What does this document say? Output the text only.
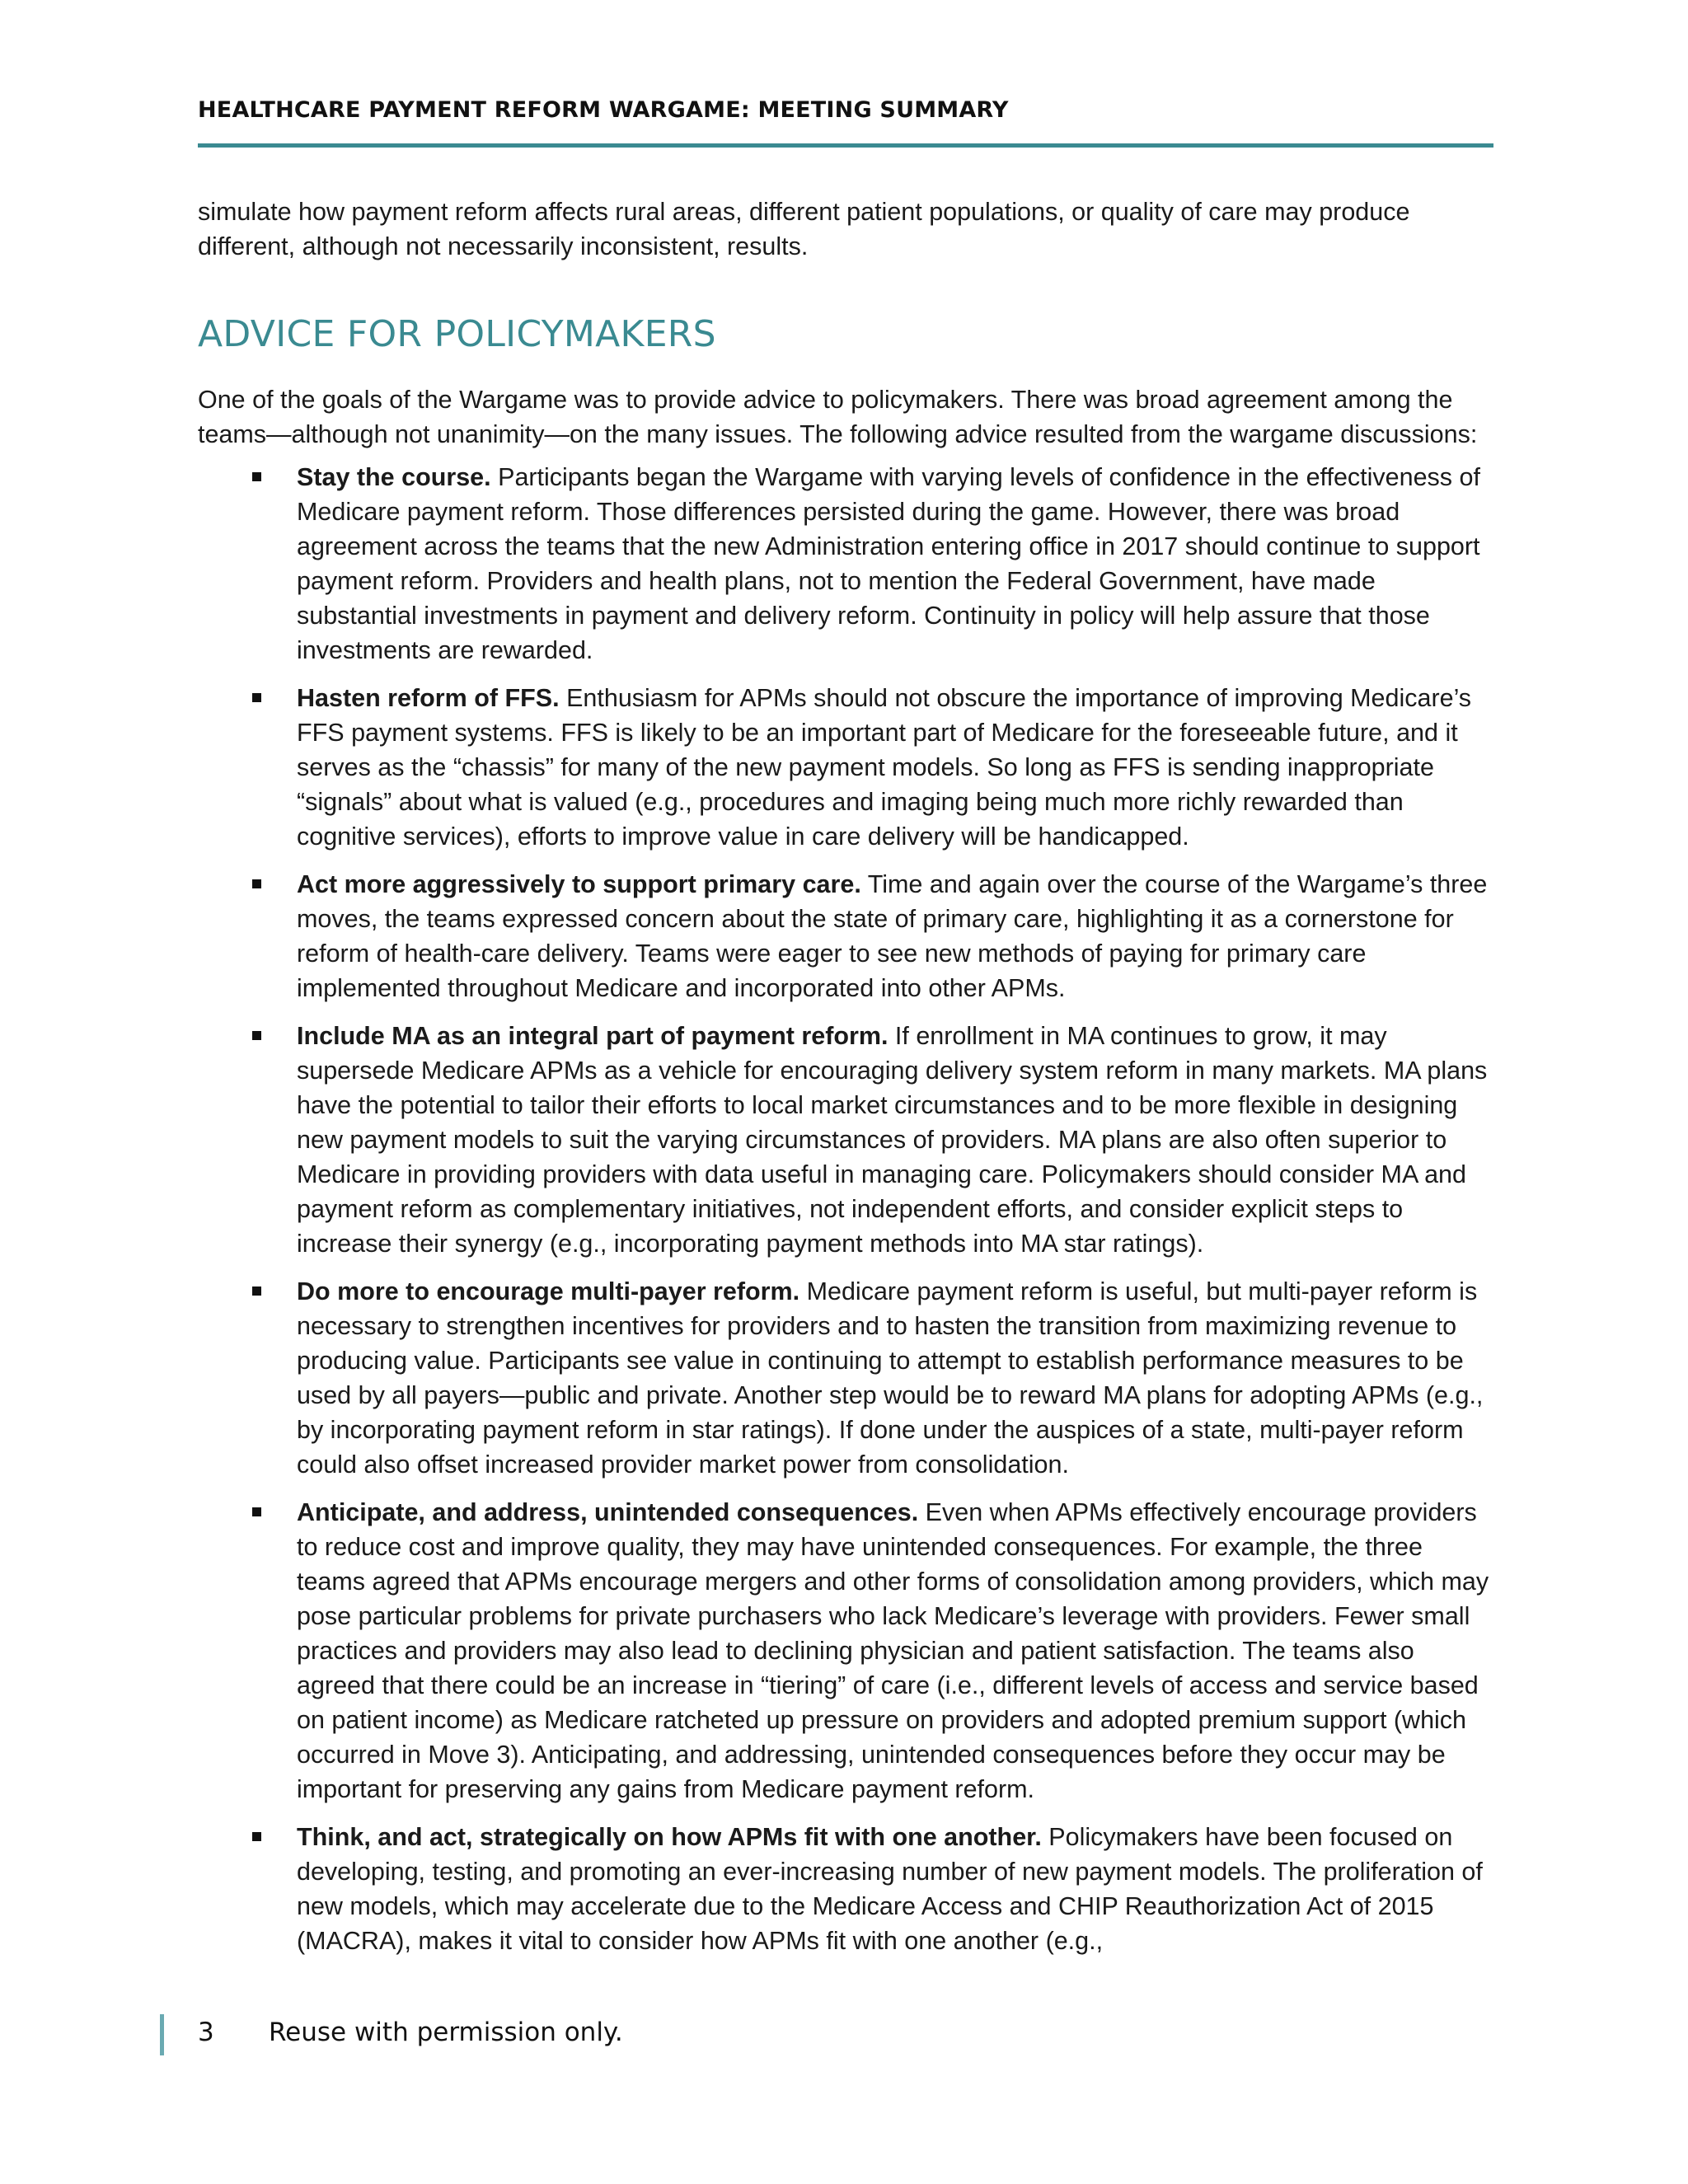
HEALTHCARE PAYMENT REFORM WARGAME: MEETING SUMMARY

simulate how payment reform affects rural areas, different patient populations, or quality of care may produce different, although not necessarily inconsistent, results.

ADVICE FOR POLICYMAKERS

One of the goals of the Wargame was to provide advice to policymakers. There was broad agreement among the teams—although not unanimity—on the many issues. The following advice resulted from the wargame discussions:

Stay the course. Participants began the Wargame with varying levels of confidence in the effectiveness of Medicare payment reform. Those differences persisted during the game. However, there was broad agreement across the teams that the new Administration entering office in 2017 should continue to support payment reform. Providers and health plans, not to mention the Federal Government, have made substantial investments in payment and delivery reform. Continuity in policy will help assure that those investments are rewarded.
Hasten reform of FFS. Enthusiasm for APMs should not obscure the importance of improving Medicare’s FFS payment systems. FFS is likely to be an important part of Medicare for the foreseeable future, and it serves as the “chassis” for many of the new payment models. So long as FFS is sending inappropriate “signals” about what is valued (e.g., procedures and imaging being much more richly rewarded than cognitive services), efforts to improve value in care delivery will be handicapped.
Act more aggressively to support primary care. Time and again over the course of the Wargame’s three moves, the teams expressed concern about the state of primary care, highlighting it as a cornerstone for reform of health-care delivery. Teams were eager to see new methods of paying for primary care implemented throughout Medicare and incorporated into other APMs.
Include MA as an integral part of payment reform. If enrollment in MA continues to grow, it may supersede Medicare APMs as a vehicle for encouraging delivery system reform in many markets. MA plans have the potential to tailor their efforts to local market circumstances and to be more flexible in designing new payment models to suit the varying circumstances of providers. MA plans are also often superior to Medicare in providing providers with data useful in managing care. Policymakers should consider MA and payment reform as complementary initiatives, not independent efforts, and consider explicit steps to increase their synergy (e.g., incorporating payment methods into MA star ratings).
Do more to encourage multi-payer reform. Medicare payment reform is useful, but multi-payer reform is necessary to strengthen incentives for providers and to hasten the transition from maximizing revenue to producing value. Participants see value in continuing to attempt to establish performance measures to be used by all payers—public and private. Another step would be to reward MA plans for adopting APMs (e.g., by incorporating payment reform in star ratings). If done under the auspices of a state, multi-payer reform could also offset increased provider market power from consolidation.
Anticipate, and address, unintended consequences. Even when APMs effectively encourage providers to reduce cost and improve quality, they may have unintended consequences. For example, the three teams agreed that APMs encourage mergers and other forms of consolidation among providers, which may pose particular problems for private purchasers who lack Medicare’s leverage with providers. Fewer small practices and providers may also lead to declining physician and patient satisfaction. The teams also agreed that there could be an increase in “tiering” of care (i.e., different levels of access and service based on patient income) as Medicare ratcheted up pressure on providers and adopted premium support (which occurred in Move 3). Anticipating, and addressing, unintended consequences before they occur may be important for preserving any gains from Medicare payment reform.
Think, and act, strategically on how APMs fit with one another. Policymakers have been focused on developing, testing, and promoting an ever-increasing number of new payment models. The proliferation of new models, which may accelerate due to the Medicare Access and CHIP Reauthorization Act of 2015 (MACRA), makes it vital to consider how APMs fit with one another (e.g.,
3 Reuse with permission only.
